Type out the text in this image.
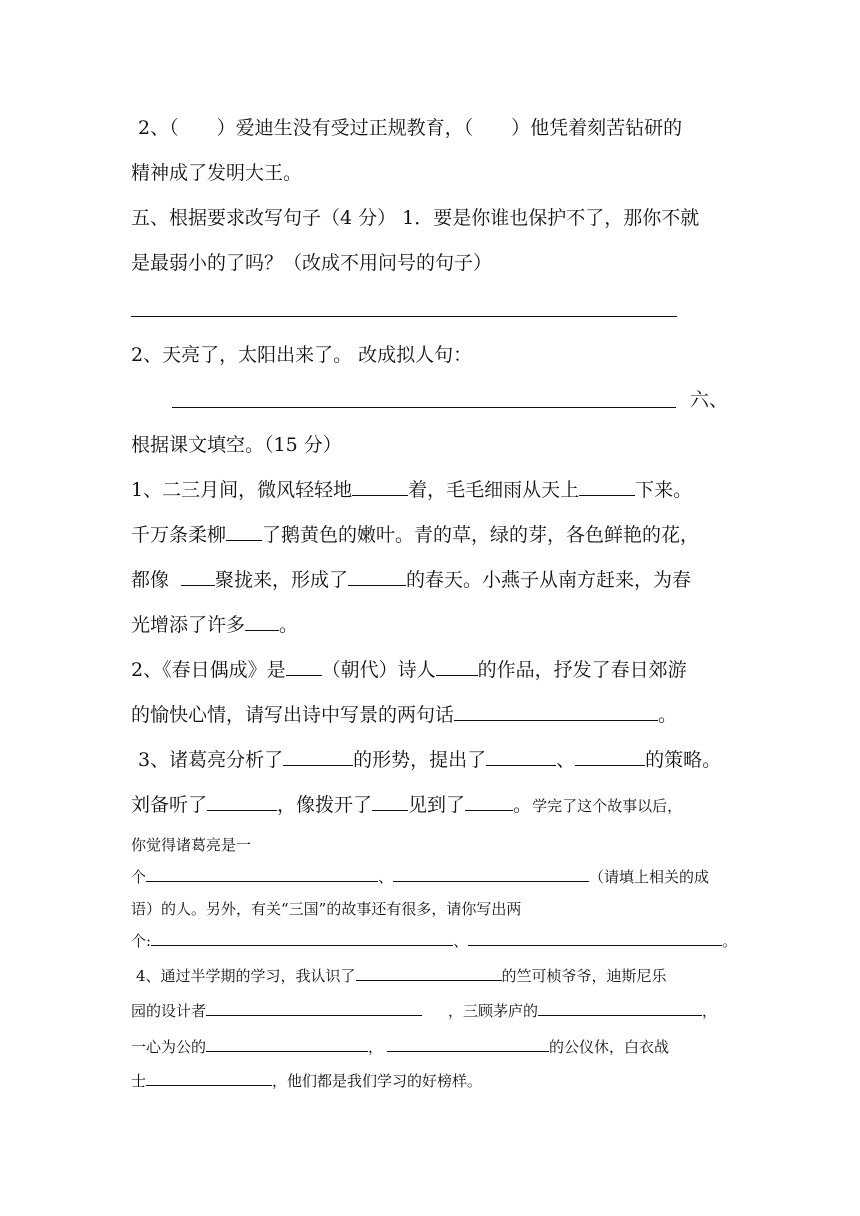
2、（　　）爱迪生没有受过正规教育，（　　）他凭着刻苦钻研的
精神成了发明大王。
五、根据要求改写句子（4 分） 1．要是你谁也保护不了，那你不就
是最弱小的了吗？（改成不用问号的句子）
2、天亮了，太阳出来了。 改成拟人句：
六、
根据课文填空。（15 分）
1、二三月间，微风轻轻地	着，毛毛细雨从天上	下来。
千万条柔柳 了鹅黄色的嫩叶。青的草，绿的芽，各色鲜艳的花，
都像 聚拢来，形成了	的春天。小燕子从南方赶来，为春
光增添了许多 。
2、《春日偶成》是 （朝代）诗人 的作品，抒发了春日郊游
的愉快心情，请写出诗中写景的两句话	。
3、诸葛亮分析了	的形势，提出了	、	的策略。
刘备听了	，像拨开了 见到了	。学完了这个故事以后，
你觉得诸葛亮是一
个	、	（请填上相关的成
语）的人。另外，有关“三国”的故事还有很多，请你写出两
个:	、	。
4、通过半学期的学习，我认识了	的竺可桢爷爷，迪斯尼乐
园的设计者	，三顾茅庐的	，
一心为公的	，	的公仪休，白衣战
士	，他们都是我们学习的好榜样。
